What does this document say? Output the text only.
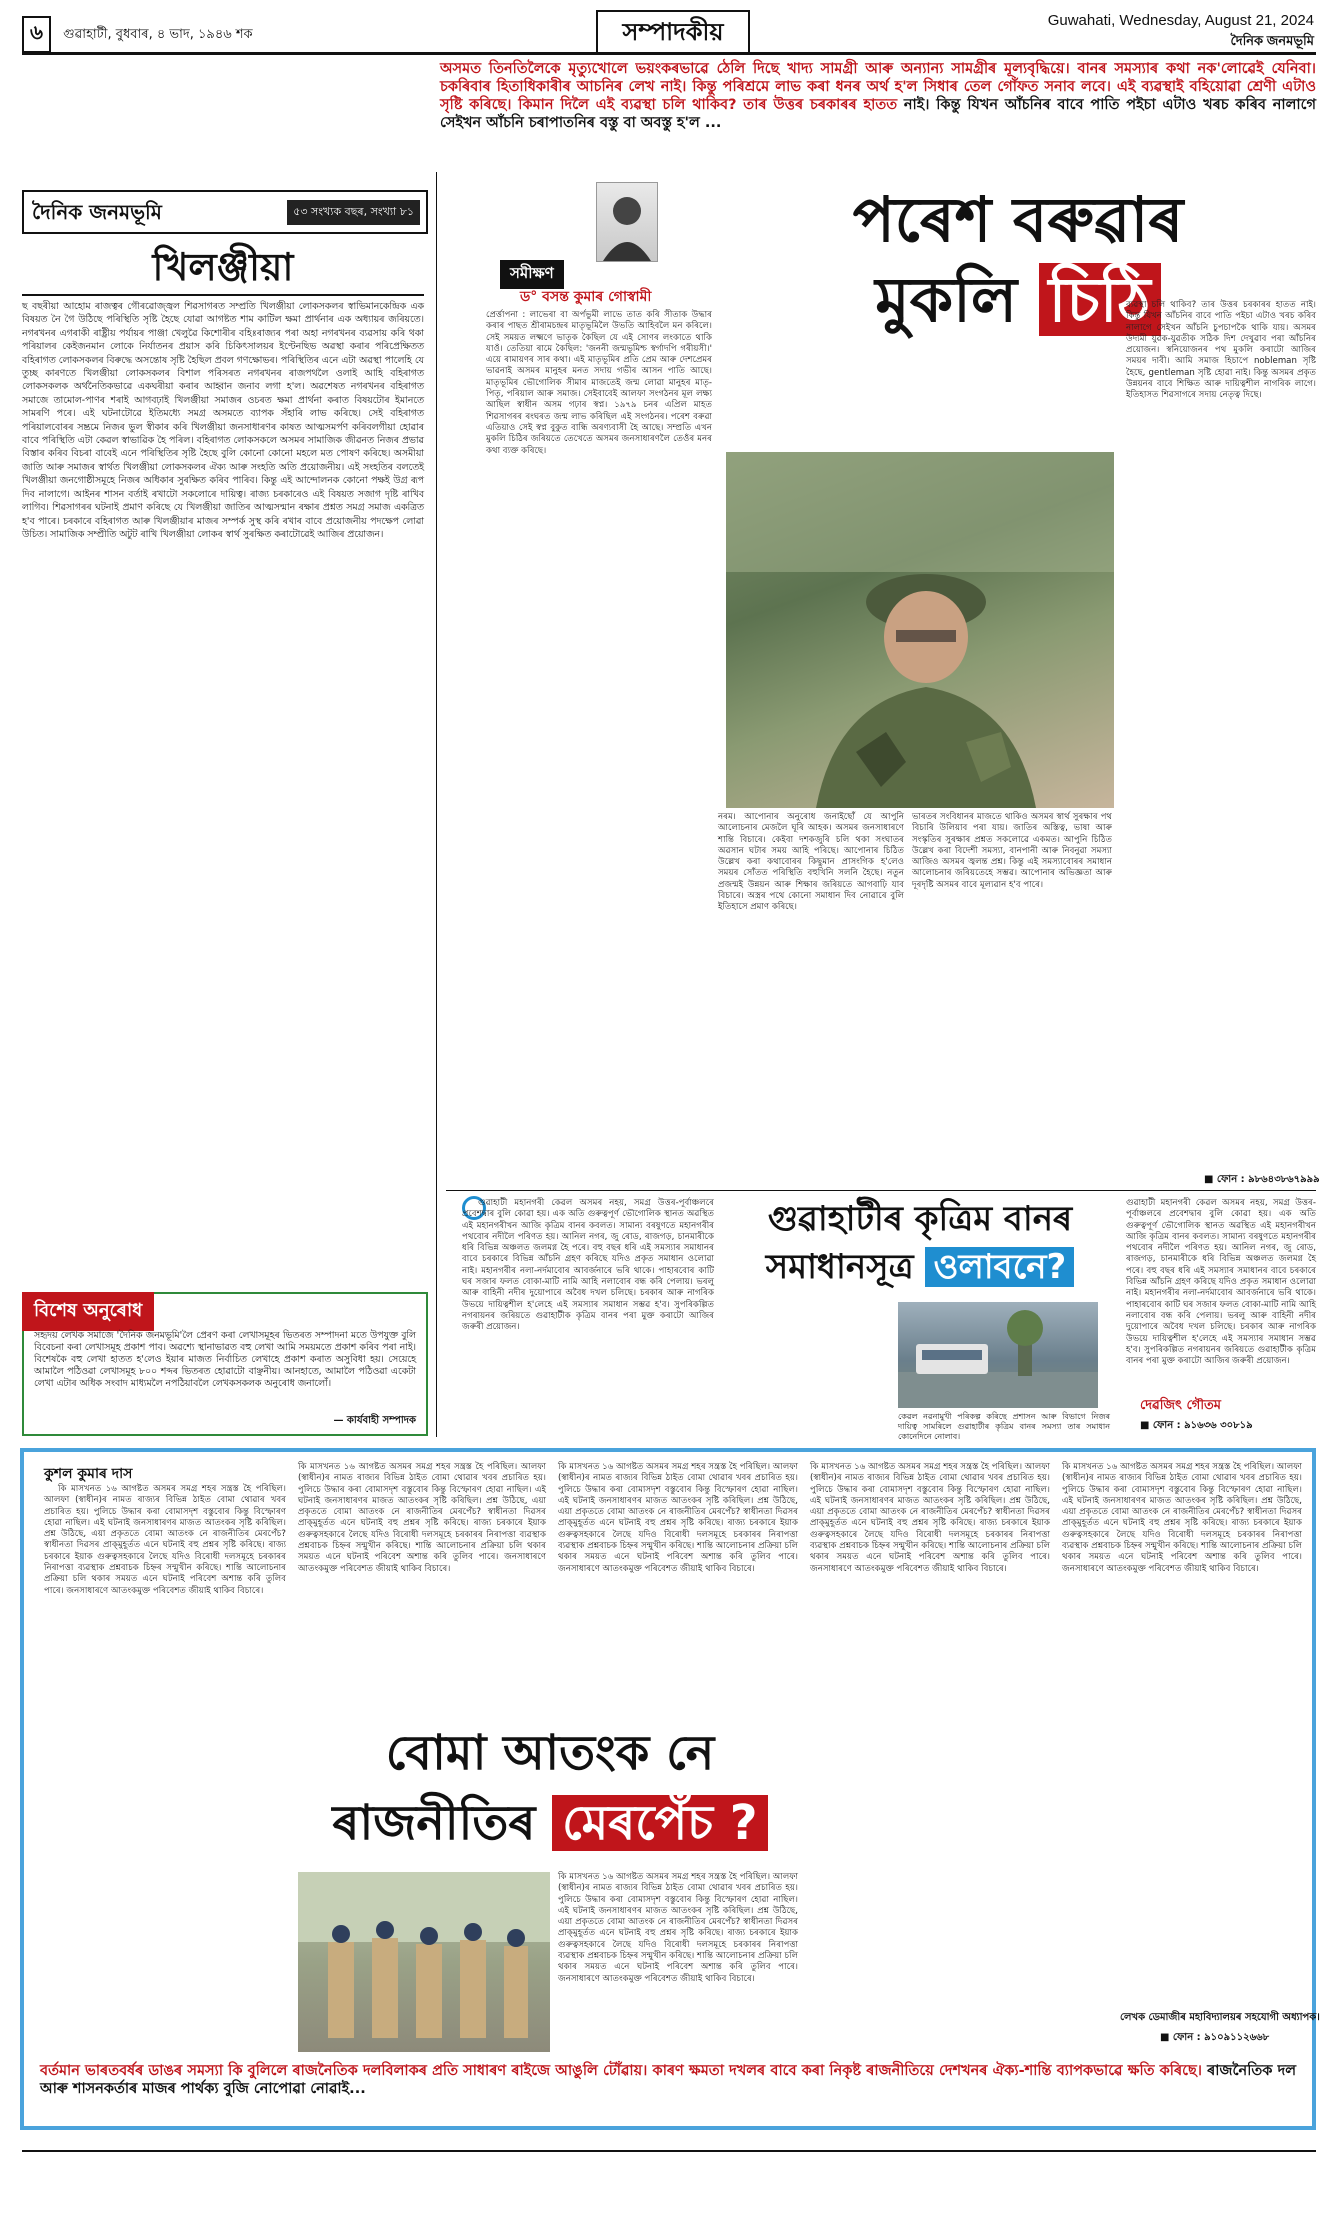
৬ গুৱাহাটী, বুধবাৰ, ৪ ভাদ, ১৯৪৬ শক	সম্পাদকীয়	Guwahati, Wednesday, August 21, 2024
দৈনিক জনমভূমি
অসমত তিনতিলৈকে মৃত্যুখোলে ভয়ংকৰভাৱে ঠেলি দিছে খাদ্য সামগ্ৰী আৰু অন্যান্য সামগ্ৰীৰ মূল্যবৃদ্ধিয়ে। বানৰ সমস্যাৰ কথা নক'লোৱেই যেনিবা। চকৰিবাৰ হিতাধিকাৰীৰ আচনিৰ লেখ নাই। কিন্তু পৰিশ্ৰমে লাভ কৰা ধনৰ অৰ্থ হ'ল সিধাৰ তেল গোঁফত সনাব লবে। এই ব্যৱস্থাই বহিয়োৱা শ্ৰেণী এটাও সৃষ্টি কৰিছে। কিমান দিলৈ এই ব্যৱস্থা চলি থাকিব? তাৰ উত্তৰ চৰকাৰৰ হাতত নাই। কিন্তু যিখন আঁচনিৰ বাবে পাতি পইচা এটাও খৰচ কৰিব নালাগে সেইখন আঁচনি চৰাপাতনিৰ বস্তু বা অবস্তু হ'ল ...
দৈনিক জনমভূমি	৫৩ সংখ্যক বছৰ, সংখ্যা ৮১
খিলঞ্জীয়া
ছ বছৰীয়া আহোম ৰাজত্বৰ গৌৰৱোজ্জ্বল শিৱসাগৰত সম্প্ৰতি খিলঞ্জীয়া লোকসকলৰ স্বাভিমানকেন্দ্ৰিক এক বিষয়ত নৈ গৈ উঠিছে পৰিস্থিতি সৃষ্টি হৈছে যোৱা আগষ্টত শাম কাটিল ক্ষমা প্ৰাৰ্থনাৰ এক অধ্যায়ৰ জৰিয়তে। নগৰখনৰ এগৰাকী ৰাষ্ট্ৰীয় পৰ্যায়ৰ পাঞ্জা খেলুৱৈ কিশোৰীৰ বহিঃৰাজ্যৰ পৰা অহা নগৰখনৰ ব্যৱসায় কৰি থকা পৰিয়ালৰ কেইজনমান লোকে নিৰ্যাতনৰ প্ৰয়াস কৰি চিকিৎসালয়ৰ ইণ্টেনছিভ অৱস্থা কৰাৰ পৰিপ্ৰেক্ষিতত বহিৰাগত লোকসকলৰ বিৰুদ্ধে অসন্তোষ সৃষ্টি হৈছিল প্ৰবল গণক্ষোভৰ। পৰিস্থিতিৰ এনে এটা অৱস্থা পালেহি যে তুচ্ছ কাৰণতে খিলঞ্জীয়া লোকসকলৰ বিশাল পৰিসৰত নগৰখনৰ ৰাজপথলৈ ওলাই আহি বহিৰাগত লোকসকলক অৰ্থনৈতিকভাৱে একঘৰীয়া কৰাৰ আহ্বান জনাব লগা হ'ল। অৱশেষত নগৰখনৰ বহিৰাগত সমাজে তামোল-পাণৰ শৰাই আগবঢ়াই খিলঞ্জীয়া সমাজৰ ওচৰত ক্ষমা প্ৰাৰ্থনা কৰাত বিষয়টোৰ ইমানতে সামৰণি পৰে। এই ঘটনাটোৱে ইতিমধ্যে সমগ্ৰ অসমতে ব্যাপক সঁহাৰি লাভ কৰিছে। সেই বহিৰাগত পৰিয়ালবোৰৰ সম্ভ্ৰমে নিজৰ ভুল স্বীকাৰ কৰি খিলঞ্জীয়া জনসাধাৰণৰ কাষত আত্মসমৰ্পণ কৰিবলগীয়া হোৱাৰ বাবে পৰিস্থিতি এটা কেৱল স্বাভাৱিক হৈ পৰিল। বহিৰাগত লোকসকলে অসমৰ সামাজিক জীৱনত নিজৰ প্ৰভাৱ বিস্তাৰ কৰিব বিচৰা বাবেই এনে পৰিস্থিতিৰ সৃষ্টি হৈছে বুলি কোনো কোনো মহলে মত পোষণ কৰিছে। অসমীয়া জাতি আৰু সমাজৰ স্বাৰ্থত খিলঞ্জীয়া লোকসকলৰ ঐক্য আৰু সংহতি অতি প্ৰয়োজনীয়। এই সংহতিৰ বলতেই খিলঞ্জীয়া জনগোষ্ঠীসমূহে নিজৰ অধিকাৰ সুৰক্ষিত কৰিব পাৰিব। কিন্তু এই আন্দোলনক কোনো পক্ষই উগ্ৰ ৰূপ দিব নালাগে। আইনৰ শাসন বৰ্তাই ৰখাটো সকলোৰে দায়িত্ব। ৰাজ্য চৰকাৰেও এই বিষয়ত সজাগ দৃষ্টি ৰাখিব লাগিব। শিৱসাগৰৰ ঘটনাই প্ৰমাণ কৰিছে যে খিলঞ্জীয়া জাতিৰ আত্মসন্মান ৰক্ষাৰ প্ৰশ্নত সমগ্ৰ সমাজ একত্ৰিত হ'ব পাৰে। চৰকাৰে বহিৰাগত আৰু খিলঞ্জীয়াৰ মাজৰ সম্পৰ্ক সুস্থ কৰি ৰখাৰ বাবে প্ৰয়োজনীয় পদক্ষেপ লোৱা উচিত। সামাজিক সম্প্ৰীতি অটুট ৰাখি খিলঞ্জীয়া লোকৰ স্বাৰ্থ সুৰক্ষিত কৰাটোৱেই আজিৰ প্ৰয়োজন।
বিশেষ অনুৰোধ
সহৃদয় লেখক সমাজে 'দৈনিক জনমভূমি'লৈ প্ৰেৰণ কৰা লেখাসমূহৰ ভিতৰত সম্পাদনা মতে উপযুক্ত বুলি বিবেচনা কৰা লেখাসমূহ প্ৰকাশ পাব। অৱশ্যে স্থানাভাৱত বহু লেখা আমি সময়মতে প্ৰকাশ কৰিব পৰা নাই। বিশেষকৈ বহু লেখা হাতত হ'লেও ইয়াৰ মাজত নিৰ্বাচিত লেখাহে প্ৰকাশ কৰাত অসুবিধা হয়। সেয়েহে আমালৈ পঠিওৱা লেখাসমূহ ৮০০ শব্দৰ ভিতৰত হোৱাটো বাঞ্ছনীয়। আনহাতে, আমালৈ পঠিওৱা একেটা লেখা এটাৰ অধিক সংবাদ মাধ্যমলৈ নপঠিয়াবলৈ লেখকসকলক অনুৰোধ জনালোঁ।
— কাৰ্যবাহী সম্পাদক
সমীক্ষণ
ড° বসন্ত কুমাৰ গোস্বামী
পৰেশ বৰুৱাৰ
মুকলি চিঠি
প্ৰেৰ্ত্তাপনা : লাভেৰা বা অৰ্পভুমী লাভে তাত কৰি সীতাক উদ্ধাৰ কৰাৰ পাছত শ্ৰীৰামচন্দ্ৰৰ মাতৃভূমিলৈ উভতি আহিবলৈ মন কৰিলে। সেই সময়ত লক্ষ্মণে ভাতৃক কৈছিল যে এই সোণৰ লংকাতে থাকি যাওঁ। তেতিয়া ৰামে কৈছিল: 'জননী জন্মভূমিশ্চ স্বৰ্গাদপি গৰীয়সী।' এয়ে ৰামায়ণৰ সাৰ কথা। এই মাতৃভূমিৰ প্ৰতি প্ৰেম আৰু দেশপ্ৰেমৰ ভাৱনাই অসমৰ মানুহৰ মনত সদায় গভীৰ আসন পাতি আছে। মাতৃভূমিৰ ভৌগোলিক সীমাৰ মাজতেই জন্ম লোৱা মানুহৰ মাতৃ-পিতৃ, পৰিয়াল আৰু সমাজ। সেইবাবেই আলফা সংগঠনৰ মূল লক্ষ্য আছিল স্বাধীন অসম গঢ়াৰ স্বপ্ন। ১৯৭৯ চনৰ এপ্ৰিল মাহত শিৱসাগৰৰ ৰংঘৰত জন্ম লাভ কৰিছিল এই সংগঠনৰ। পৰেশ বৰুৱা এতিয়াও সেই স্বপ্ন বুকুত বান্ধি অৰণ্যবাসী হৈ আছে। সম্প্ৰতি এখন মুকলি চিঠিৰ জৰিয়তে তেখেতে অসমৰ জনসাধাৰণলৈ তেওঁৰ মনৰ কথা ব্যক্ত কৰিছে।
নৰম। আপোনাৰ অনুৰোধ জনাইছোঁ যে আপুনি আলোচনাৰ মেজলৈ ঘূৰি আহক। অসমৰ জনসাধাৰণে শান্তি বিচাৰে। কেইবা দশকজুৰি চলি থকা সংঘাতৰ অৱসান ঘটাৰ সময় আহি পৰিছে। আপোনাৰ চিঠিত উল্লেখ কৰা কথাবোৰৰ কিছুমান প্ৰাসংগিক হ'লেও সময়ৰ সোঁতত পৰিস্থিতি বহুখিনি সলনি হৈছে। নতুন প্ৰজন্মই উন্নয়ন আৰু শিক্ষাৰ জৰিয়তে আগবাঢ়ি যাব বিচাৰে। অস্ত্ৰৰ পথে কোনো সমাধান দিব নোৱাৰে বুলি ইতিহাসে প্ৰমাণ কৰিছে।
ভাৰতৰ সংবিধানৰ মাজতে থাকিও অসমৰ স্বাৰ্থ সুৰক্ষাৰ পথ বিচাৰি উলিয়াব পৰা যায়। জাতিৰ অস্তিত্ব, ভাষা আৰু সংস্কৃতিৰ সুৰক্ষাৰ প্ৰশ্নত সকলোৱে একমত। আপুনি চিঠিত উল্লেখ কৰা বিদেশী সমস্যা, বানপানী আৰু নিবনুৱা সমস্যা আজিও অসমৰ জ্বলন্ত প্ৰশ্ন। কিন্তু এই সমস্যাবোৰৰ সমাধান আলোচনাৰ জৰিয়তেহে সম্ভৱ। আপোনাৰ অভিজ্ঞতা আৰু দূৰদৃষ্টি অসমৰ বাবে মূল্যৱান হ'ব পাৰে।
ব্যৱস্থা চলি থাকিব? তাৰ উত্তৰ চৰকাৰৰ হাতত নাই। কিন্তু যিখন আঁচনিৰ বাবে পাতি পইচা এটাও খৰচ কৰিব নালাগে সেইখন আঁচনি চুপচাপকৈ থাকি যায়। অসমৰ উদ্যমী যুৱক-যুৱতীক সঠিক দিশ দেখুৱাব পৰা আঁচনিৰ প্ৰয়োজন। স্বনিয়োজনৰ পথ মুকলি কৰাটো আজিৰ সময়ৰ দাবী। আমি সমাজ হিচাপে nobleman সৃষ্টি হৈছে, gentleman সৃষ্টি হোৱা নাই। কিন্তু অসমৰ প্ৰকৃত উন্নয়নৰ বাবে শিক্ষিত আৰু দায়িত্বশীল নাগৰিক লাগে। ইতিহাসত শিৱসাগৰে সদায় নেতৃত্ব দিছে।
■ ফোন : ৯৮৬৪৩৮৬৭৯৯৯
গুৱাহাটী মহানগৰী কেৱল অসমৰ নহয়, সমগ্ৰ উত্তৰ-পূৰ্বাঞ্চলৰে প্ৰবেশদ্বাৰ বুলি কোৱা হয়। এক অতি গুৰুত্বপূৰ্ণ ভৌগোলিক স্থানত অৱস্থিত এই মহানগৰীখন আজি কৃত্ৰিম বানৰ কবলত। সামান্য বৰষুণতে মহানগৰীৰ পথবোৰ নদীলৈ পৰিণত হয়। আনিল নগৰ, জু ৰোড, ৰাজগড়, চানমাৰীকে ধৰি বিভিন্ন অঞ্চলত জলমগ্ন হৈ পৰে। বহু বছৰ ধৰি এই সমস্যাৰ সমাধানৰ বাবে চৰকাৰে বিভিন্ন আঁচনি গ্ৰহণ কৰিছে যদিও প্ৰকৃত সমাধান ওলোৱা নাই। মহানগৰীৰ নলা-নৰ্দমাবোৰ আবৰ্জনাৰে ভৰি থাকে। পাহাৰবোৰ কাটি ঘৰ সজাৰ ফলত বোকা-মাটি নামি আহি নলাবোৰ বন্ধ কৰি পেলায়। ভৰলু আৰু বাহিনী নদীৰ দুয়োপাৰে অবৈধ দখল চলিছে। চৰকাৰ আৰু নাগৰিক উভয়ে দায়িত্বশীল হ'লেহে এই সমস্যাৰ সমাধান সম্ভৱ হ'ব। সুপৰিকল্পিত নগৰায়নৰ জৰিয়তে গুৱাহাটীক কৃত্ৰিম বানৰ পৰা মুক্ত কৰাটো আজিৰ জৰুৰী প্ৰয়োজন।
গুৱাহাটীৰ কৃত্ৰিম বানৰ
সমাধানসূত্ৰ ওলাবনে?
কেৱল নৱনামুখী পৰিকল্প কৰিছে প্ৰশাসন আৰু বিভাগে নিজৰ দায়িত্ব সামৰিলে গুৱাহাটীৰ কৃত্ৰিম বানৰ সমস্যা তাৰ সমাধান কোনেদিনে নোলাব।
গুৱাহাটী মহানগৰী কেৱল অসমৰ নহয়, সমগ্ৰ উত্তৰ-পূৰ্বাঞ্চলৰে প্ৰবেশদ্বাৰ বুলি কোৱা হয়। এক অতি গুৰুত্বপূৰ্ণ ভৌগোলিক স্থানত অৱস্থিত এই মহানগৰীখন আজি কৃত্ৰিম বানৰ কবলত। সামান্য বৰষুণতে মহানগৰীৰ পথবোৰ নদীলৈ পৰিণত হয়। আনিল নগৰ, জু ৰোড, ৰাজগড়, চানমাৰীকে ধৰি বিভিন্ন অঞ্চলত জলমগ্ন হৈ পৰে। বহু বছৰ ধৰি এই সমস্যাৰ সমাধানৰ বাবে চৰকাৰে বিভিন্ন আঁচনি গ্ৰহণ কৰিছে যদিও প্ৰকৃত সমাধান ওলোৱা নাই। মহানগৰীৰ নলা-নৰ্দমাবোৰ আবৰ্জনাৰে ভৰি থাকে। পাহাৰবোৰ কাটি ঘৰ সজাৰ ফলত বোকা-মাটি নামি আহি নলাবোৰ বন্ধ কৰি পেলায়। ভৰলু আৰু বাহিনী নদীৰ দুয়োপাৰে অবৈধ দখল চলিছে। চৰকাৰ আৰু নাগৰিক উভয়ে দায়িত্বশীল হ'লেহে এই সমস্যাৰ সমাধান সম্ভৱ হ'ব। সুপৰিকল্পিত নগৰায়নৰ জৰিয়তে গুৱাহাটীক কৃত্ৰিম বানৰ পৰা মুক্ত কৰাটো আজিৰ জৰুৰী প্ৰয়োজন।
দেৱজিৎ গৌতম
■ ফোন : ৯১৬৩৬ ৩০৮১৯
কুশল কুমাৰ দাস
কি মাসখনত ১৬ আগষ্টত অসমৰ সমগ্ৰ শহৰ সন্ত্ৰস্ত হৈ পৰিছিল। আলফা (স্বাধীন)ৰ নামত ৰাজ্যৰ বিভিন্ন ঠাইত বোমা থোৱাৰ খবৰ প্ৰচাৰিত হয়। পুলিচে উদ্ধাৰ কৰা বোমাসদৃশ বস্তুবোৰ কিন্তু বিস্ফোৰণ হোৱা নাছিল। এই ঘটনাই জনসাধাৰণৰ মাজত আতংকৰ সৃষ্টি কৰিছিল। প্ৰশ্ন উঠিছে, এয়া প্ৰকৃততে বোমা আতংক নে ৰাজনীতিৰ মেৰপেঁচ? স্বাধীনতা দিৱসৰ প্ৰাক্‌মুহূৰ্তত এনে ঘটনাই বহু প্ৰশ্নৰ সৃষ্টি কৰিছে। ৰাজ্য চৰকাৰে ইয়াক গুৰুত্বসহকাৰে লৈছে যদিও বিৰোধী দলসমূহে চৰকাৰৰ নিৰাপত্তা ব্যৱস্থাক প্ৰশ্নবাচক চিহ্নৰ সন্মুখীন কৰিছে। শান্তি আলোচনাৰ প্ৰক্ৰিয়া চলি থকাৰ সময়ত এনে ঘটনাই পৰিবেশ অশান্ত কৰি তুলিব পাৰে। জনসাধাৰণে আতংকমুক্ত পৰিবেশত জীয়াই থাকিব বিচাৰে।
কি মাসখনত ১৬ আগষ্টত অসমৰ সমগ্ৰ শহৰ সন্ত্ৰস্ত হৈ পৰিছিল। আলফা (স্বাধীন)ৰ নামত ৰাজ্যৰ বিভিন্ন ঠাইত বোমা থোৱাৰ খবৰ প্ৰচাৰিত হয়। পুলিচে উদ্ধাৰ কৰা বোমাসদৃশ বস্তুবোৰ কিন্তু বিস্ফোৰণ হোৱা নাছিল। এই ঘটনাই জনসাধাৰণৰ মাজত আতংকৰ সৃষ্টি কৰিছিল। প্ৰশ্ন উঠিছে, এয়া প্ৰকৃততে বোমা আতংক নে ৰাজনীতিৰ মেৰপেঁচ? স্বাধীনতা দিৱসৰ প্ৰাক্‌মুহূৰ্তত এনে ঘটনাই বহু প্ৰশ্নৰ সৃষ্টি কৰিছে। ৰাজ্য চৰকাৰে ইয়াক গুৰুত্বসহকাৰে লৈছে যদিও বিৰোধী দলসমূহে চৰকাৰৰ নিৰাপত্তা ব্যৱস্থাক প্ৰশ্নবাচক চিহ্নৰ সন্মুখীন কৰিছে। শান্তি আলোচনাৰ প্ৰক্ৰিয়া চলি থকাৰ সময়ত এনে ঘটনাই পৰিবেশ অশান্ত কৰি তুলিব পাৰে। জনসাধাৰণে আতংকমুক্ত পৰিবেশত জীয়াই থাকিব বিচাৰে।
কি মাসখনত ১৬ আগষ্টত অসমৰ সমগ্ৰ শহৰ সন্ত্ৰস্ত হৈ পৰিছিল। আলফা (স্বাধীন)ৰ নামত ৰাজ্যৰ বিভিন্ন ঠাইত বোমা থোৱাৰ খবৰ প্ৰচাৰিত হয়। পুলিচে উদ্ধাৰ কৰা বোমাসদৃশ বস্তুবোৰ কিন্তু বিস্ফোৰণ হোৱা নাছিল। এই ঘটনাই জনসাধাৰণৰ মাজত আতংকৰ সৃষ্টি কৰিছিল। প্ৰশ্ন উঠিছে, এয়া প্ৰকৃততে বোমা আতংক নে ৰাজনীতিৰ মেৰপেঁচ? স্বাধীনতা দিৱসৰ প্ৰাক্‌মুহূৰ্তত এনে ঘটনাই বহু প্ৰশ্নৰ সৃষ্টি কৰিছে। ৰাজ্য চৰকাৰে ইয়াক গুৰুত্বসহকাৰে লৈছে যদিও বিৰোধী দলসমূহে চৰকাৰৰ নিৰাপত্তা ব্যৱস্থাক প্ৰশ্নবাচক চিহ্নৰ সন্মুখীন কৰিছে। শান্তি আলোচনাৰ প্ৰক্ৰিয়া চলি থকাৰ সময়ত এনে ঘটনাই পৰিবেশ অশান্ত কৰি তুলিব পাৰে। জনসাধাৰণে আতংকমুক্ত পৰিবেশত জীয়াই থাকিব বিচাৰে।
কি মাসখনত ১৬ আগষ্টত অসমৰ সমগ্ৰ শহৰ সন্ত্ৰস্ত হৈ পৰিছিল। আলফা (স্বাধীন)ৰ নামত ৰাজ্যৰ বিভিন্ন ঠাইত বোমা থোৱাৰ খবৰ প্ৰচাৰিত হয়। পুলিচে উদ্ধাৰ কৰা বোমাসদৃশ বস্তুবোৰ কিন্তু বিস্ফোৰণ হোৱা নাছিল। এই ঘটনাই জনসাধাৰণৰ মাজত আতংকৰ সৃষ্টি কৰিছিল। প্ৰশ্ন উঠিছে, এয়া প্ৰকৃততে বোমা আতংক নে ৰাজনীতিৰ মেৰপেঁচ? স্বাধীনতা দিৱসৰ প্ৰাক্‌মুহূৰ্তত এনে ঘটনাই বহু প্ৰশ্নৰ সৃষ্টি কৰিছে। ৰাজ্য চৰকাৰে ইয়াক গুৰুত্বসহকাৰে লৈছে যদিও বিৰোধী দলসমূহে চৰকাৰৰ নিৰাপত্তা ব্যৱস্থাক প্ৰশ্নবাচক চিহ্নৰ সন্মুখীন কৰিছে। শান্তি আলোচনাৰ প্ৰক্ৰিয়া চলি থকাৰ সময়ত এনে ঘটনাই পৰিবেশ অশান্ত কৰি তুলিব পাৰে। জনসাধাৰণে আতংকমুক্ত পৰিবেশত জীয়াই থাকিব বিচাৰে।
কি মাসখনত ১৬ আগষ্টত অসমৰ সমগ্ৰ শহৰ সন্ত্ৰস্ত হৈ পৰিছিল। আলফা (স্বাধীন)ৰ নামত ৰাজ্যৰ বিভিন্ন ঠাইত বোমা থোৱাৰ খবৰ প্ৰচাৰিত হয়। পুলিচে উদ্ধাৰ কৰা বোমাসদৃশ বস্তুবোৰ কিন্তু বিস্ফোৰণ হোৱা নাছিল। এই ঘটনাই জনসাধাৰণৰ মাজত আতংকৰ সৃষ্টি কৰিছিল। প্ৰশ্ন উঠিছে, এয়া প্ৰকৃততে বোমা আতংক নে ৰাজনীতিৰ মেৰপেঁচ? স্বাধীনতা দিৱসৰ প্ৰাক্‌মুহূৰ্তত এনে ঘটনাই বহু প্ৰশ্নৰ সৃষ্টি কৰিছে। ৰাজ্য চৰকাৰে ইয়াক গুৰুত্বসহকাৰে লৈছে যদিও বিৰোধী দলসমূহে চৰকাৰৰ নিৰাপত্তা ব্যৱস্থাক প্ৰশ্নবাচক চিহ্নৰ সন্মুখীন কৰিছে। শান্তি আলোচনাৰ প্ৰক্ৰিয়া চলি থকাৰ সময়ত এনে ঘটনাই পৰিবেশ অশান্ত কৰি তুলিব পাৰে। জনসাধাৰণে আতংকমুক্ত পৰিবেশত জীয়াই থাকিব বিচাৰে।
লেখক ডেমাজীৰ মহাবিদ্যালয়ৰ সহযোগী অধ্যাপক।
■ ফোন : ৯১০৯১১২৬৬৮
বোমা আতংক নে
ৰাজনীতিৰ মেৰপেঁচ ?
কি মাসখনত ১৬ আগষ্টত অসমৰ সমগ্ৰ শহৰ সন্ত্ৰস্ত হৈ পৰিছিল। আলফা (স্বাধীন)ৰ নামত ৰাজ্যৰ বিভিন্ন ঠাইত বোমা থোৱাৰ খবৰ প্ৰচাৰিত হয়। পুলিচে উদ্ধাৰ কৰা বোমাসদৃশ বস্তুবোৰ কিন্তু বিস্ফোৰণ হোৱা নাছিল। এই ঘটনাই জনসাধাৰণৰ মাজত আতংকৰ সৃষ্টি কৰিছিল। প্ৰশ্ন উঠিছে, এয়া প্ৰকৃততে বোমা আতংক নে ৰাজনীতিৰ মেৰপেঁচ? স্বাধীনতা দিৱসৰ প্ৰাক্‌মুহূৰ্তত এনে ঘটনাই বহু প্ৰশ্নৰ সৃষ্টি কৰিছে। ৰাজ্য চৰকাৰে ইয়াক গুৰুত্বসহকাৰে লৈছে যদিও বিৰোধী দলসমূহে চৰকাৰৰ নিৰাপত্তা ব্যৱস্থাক প্ৰশ্নবাচক চিহ্নৰ সন্মুখীন কৰিছে। শান্তি আলোচনাৰ প্ৰক্ৰিয়া চলি থকাৰ সময়ত এনে ঘটনাই পৰিবেশ অশান্ত কৰি তুলিব পাৰে। জনসাধাৰণে আতংকমুক্ত পৰিবেশত জীয়াই থাকিব বিচাৰে।
বৰ্তমান ভাৰতবৰ্ষৰ ডাঙৰ সমস্যা কি বুলিলে ৰাজনৈতিক দলবিলাকৰ প্ৰতি সাধাৰণ ৰাইজে আঙুলি টোঁৱায়। কাৰণ ক্ষমতা দখলৰ বাবে কৰা নিকৃষ্ট ৰাজনীতিয়ে দেশখনৰ ঐক্য-শান্তি ব্যাপকভাৱে ক্ষতি কৰিছে। ৰাজনৈতিক দল আৰু শাসনকৰ্তাৰ মাজৰ পাৰ্থক্য বুজি নোপোৱা নোৱাই...
